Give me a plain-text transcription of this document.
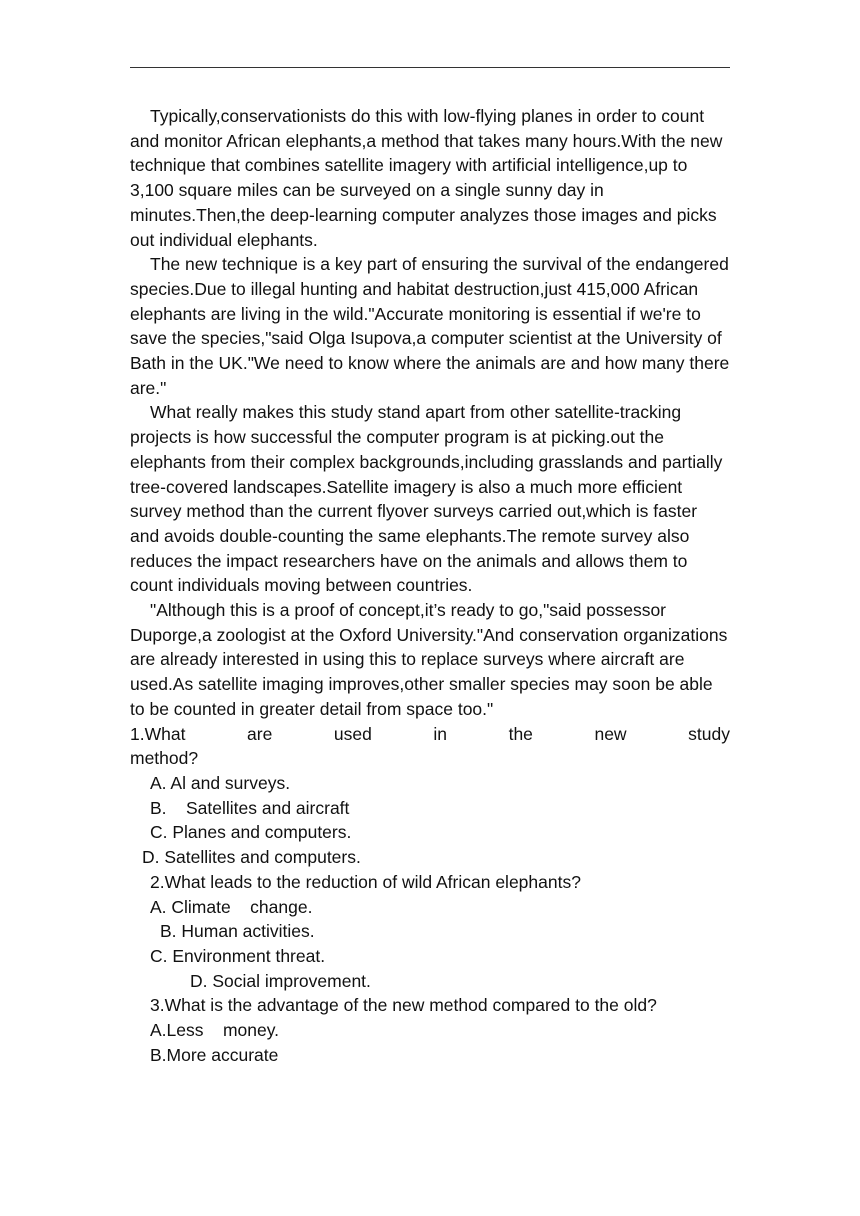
Typically,conservationists do this with low-flying planes in order to count and monitor African elephants,a method that takes many hours.With the new technique that combines satellite imagery with artificial intelligence,up to 3,100 square miles can be surveyed on a single sunny day in minutes.Then,the deep-learning computer analyzes those images and picks out individual elephants.

The new technique is a key part of ensuring the survival of the endangered species.Due to illegal hunting and habitat destruction,just 415,000 African elephants are living in the wild."Accurate monitoring is essential if we're to save the species,"said Olga Isupova,a computer scientist at the University of Bath in the UK."We need to know where the animals are and how many there are."

What really makes this study stand apart from other satellite-tracking projects is how successful the computer program is at picking.out the elephants from their complex backgrounds,including grasslands and partially tree-covered landscapes.Satellite imagery is also a much more efficient survey method than the current flyover surveys carried out,which is faster and avoids double-counting the same elephants.The remote survey also reduces the impact researchers have on the animals and allows them to count individuals moving between countries.

"Although this is a proof of concept,it’s ready to go,"said possessor Duporge,a zoologist at the Oxford University."And conservation organizations are already interested in using this to replace surveys where aircraft are used.As satellite imaging improves,other smaller species may soon be able to be counted in greater detail from space too."

1.What	are	used	in	the	new	study
method?

A. Al and surveys.

B.    Satellites and aircraft

C. Planes and computers.

D. Satellites and computers.

2.What leads to the reduction of wild African elephants?

A. Climate    change.

B. Human activities.

C. Environment threat.

D. Social improvement.

3.What is the advantage of the new method compared to the old?

A.Less    money.

B.More accurate
